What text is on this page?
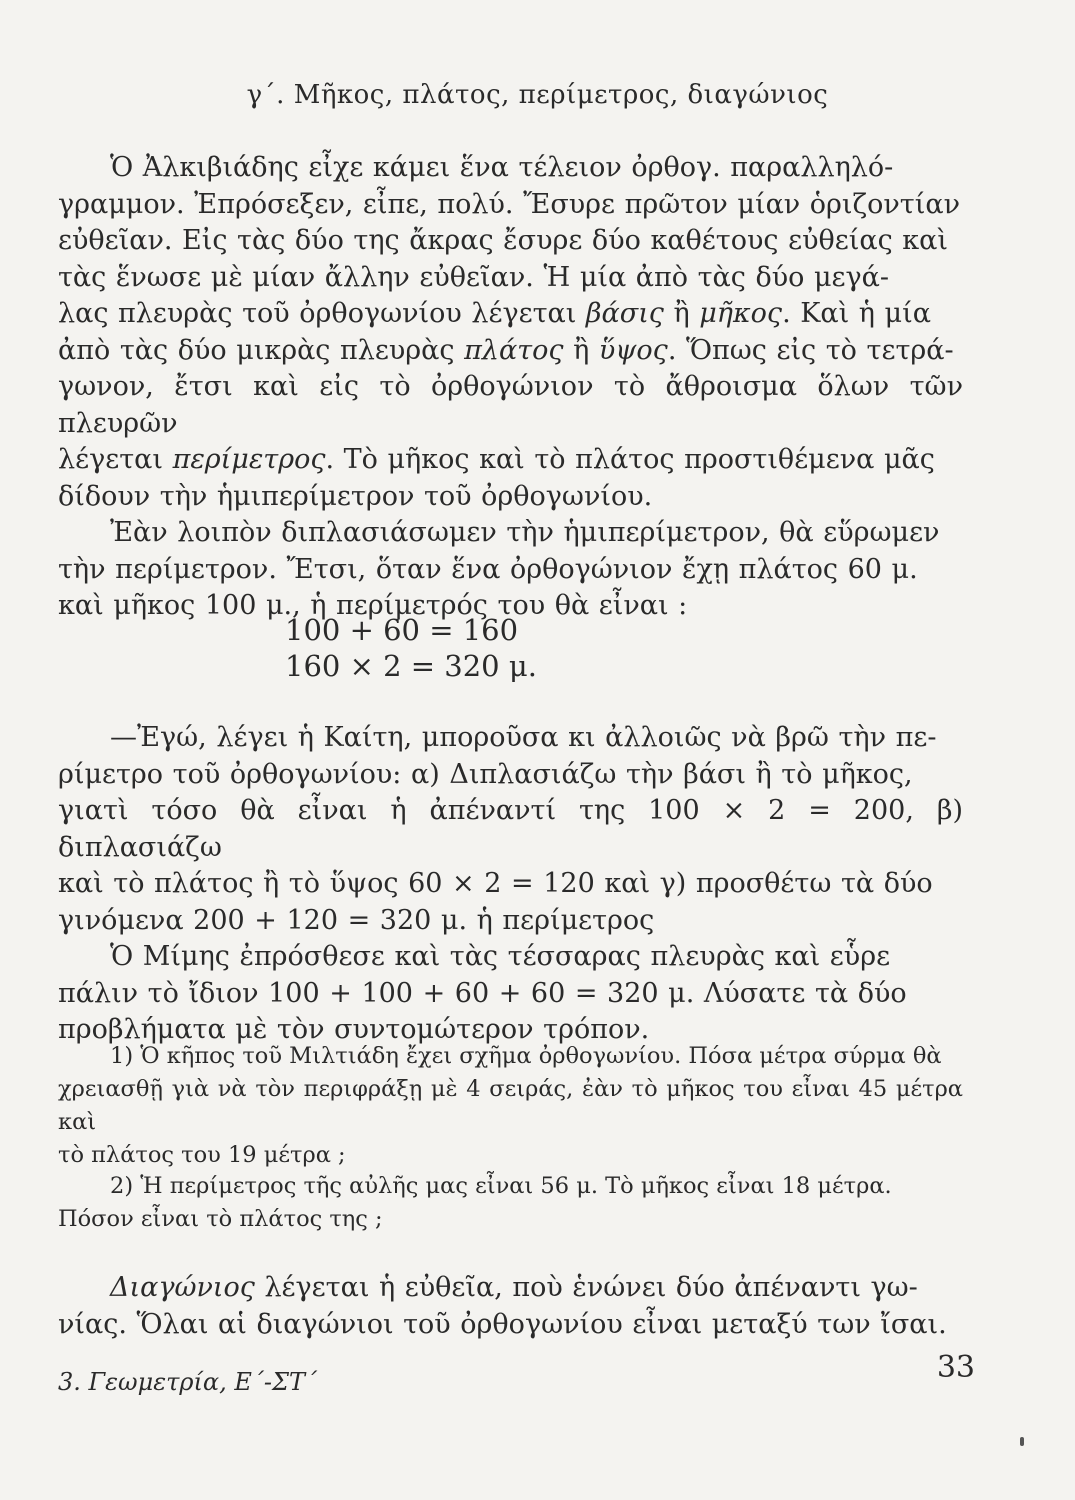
γ΄. Μῆκος, πλάτος, περίμετρος, διαγώνιος

Ὁ Ἀλκιβιάδης εἶχε κάμει ἕνα τέλειον ὀρθογ. παραλληλό-

γραμμον. Ἐπρόσεξεν, εἶπε, πολύ. Ἔσυρε πρῶτον μίαν ὁριζοντίαν

εὐθεῖαν. Εἰς τὰς δύο της ἄκρας ἔσυρε δύο καθέτους εὐθείας καὶ

τὰς ἕνωσε μὲ μίαν ἄλλην εὐθεῖαν. Ἡ μία ἀπὸ τὰς δύο μεγά-

λας πλευρὰς τοῦ ὀρθογωνίου λέγεται βάσις ἢ μῆκος. Καὶ ἡ μία

ἀπὸ τὰς δύο μικρὰς πλευρὰς πλάτος ἢ ὕψος. Ὅπως εἰς τὸ τετρά-

γωνον, ἔτσι καὶ εἰς τὸ ὀρθογώνιον τὸ ἄθροισμα ὅλων τῶν πλευρῶν

λέγεται περίμετρος. Τὸ μῆκος καὶ τὸ πλάτος προστιθέμενα μᾶς

δίδουν τὴν ἡμιπερίμετρον τοῦ ὀρθογωνίου.

Ἐὰν λοιπὸν διπλασιάσωμεν τὴν ἡμιπερίμετρον, θὰ εὕρωμεν

τὴν περίμετρον. Ἔτσι, ὅταν ἕνα ὀρθογώνιον ἔχῃ πλάτος 60 μ.

καὶ μῆκος 100 μ., ἡ περίμετρός του θὰ εἶναι :

100 + 60 = 160
160 × 2 = 320 μ.

—Ἐγώ, λέγει ἡ Καίτη, μποροῦσα κι ἀλλοιῶς νὰ βρῶ τὴν πε-

ρίμετρο τοῦ ὀρθογωνίου: α) Διπλασιάζω τὴν βάσι ἢ τὸ μῆκος,

γιατὶ τόσο θὰ εἶναι ἡ ἀπέναντί της 100 × 2 = 200, β) διπλασιάζω

καὶ τὸ πλάτος ἢ τὸ ὕψος 60 × 2 = 120 καὶ γ) προσθέτω τὰ δύο

γινόμενα 200 + 120 = 320 μ. ἡ περίμετρος

Ὁ Μίμης ἐπρόσθεσε καὶ τὰς τέσσαρας πλευρὰς καὶ εὗρε

πάλιν τὸ ἴδιον 100 + 100 + 60 + 60 = 320 μ. Λύσατε τὰ δύο

προβλήματα μὲ τὸν συντομώτερον τρόπον.

1) Ὁ κῆπος τοῦ Μιλτιάδη ἔχει σχῆμα ὀρθογωνίου. Πόσα μέτρα σύρμα θὰ

χρειασθῇ γιὰ νὰ τὸν περιφράξῃ μὲ 4 σειράς, ἐὰν τὸ μῆκος του εἶναι 45 μέτρα καὶ

τὸ πλάτος του 19 μέτρα ;

2) Ἡ περίμετρος τῆς αὐλῆς μας εἶναι 56 μ. Τὸ μῆκος εἶναι 18 μέτρα.

Πόσον εἶναι τὸ πλάτος της ;

Διαγώνιος λέγεται ἡ εὐθεῖα, ποὺ ἑνώνει δύο ἀπέναντι γω-

νίας. Ὅλαι αἱ διαγώνιοι τοῦ ὀρθογωνίου εἶναι μεταξύ των ἴσαι.

3. Γεωμετρία, Ε΄-ΣΤ΄	33
